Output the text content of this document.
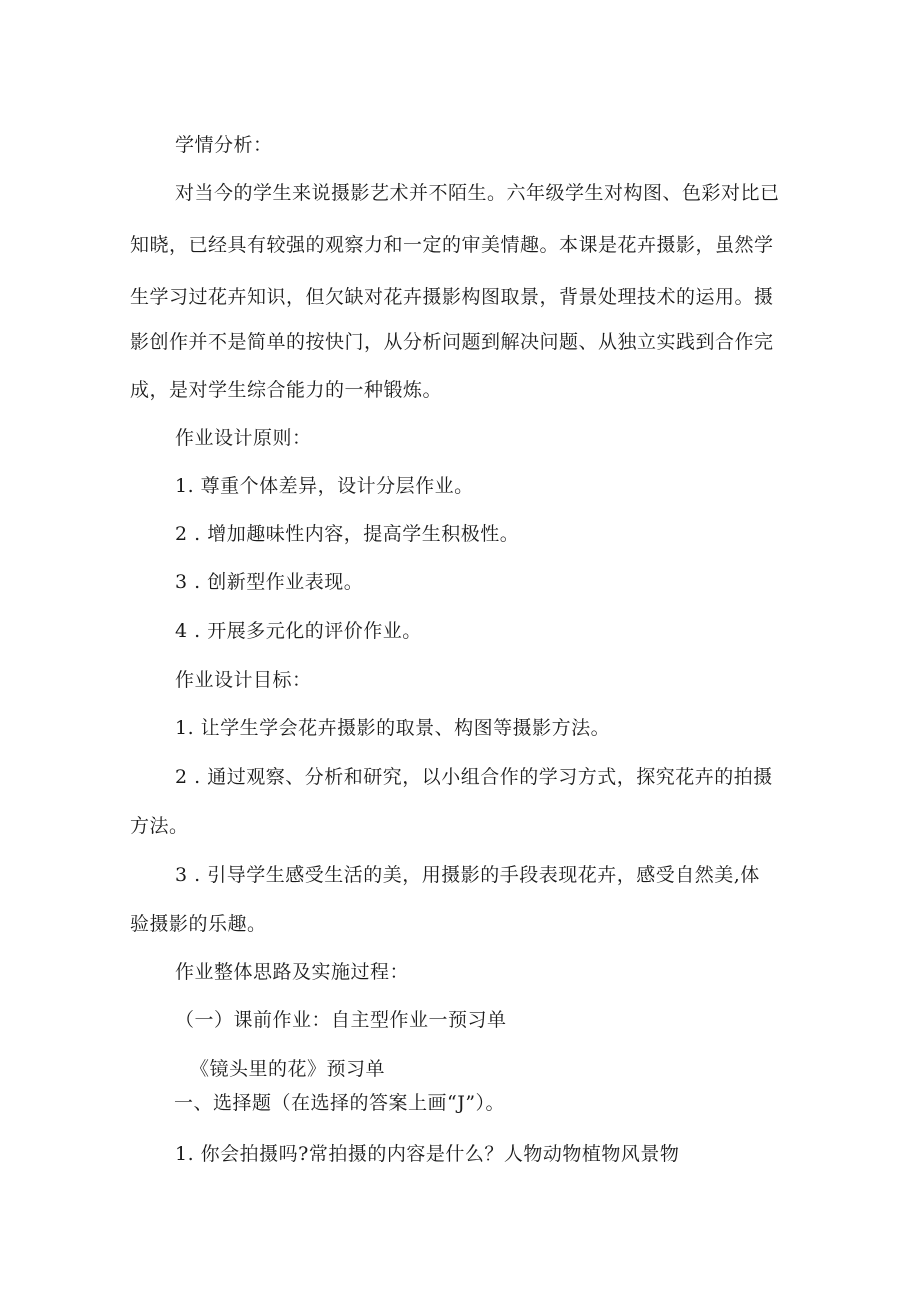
学情分析：
对当今的学生来说摄影艺术并不陌生。六年级学生对构图、色彩对比已
知晓，已经具有较强的观察力和一定的审美情趣。本课是花卉摄影，虽然学
生学习过花卉知识，但欠缺对花卉摄影构图取景，背景处理技术的运用。摄
影创作并不是简单的按快门，从分析问题到解决问题、从独立实践到合作完
成，是对学生综合能力的一种锻炼。
作业设计原则：
1. 尊重个体差异，设计分层作业。
2 . 增加趣味性内容，提高学生积极性。
3 . 创新型作业表现。
4 . 开展多元化的评价作业。
作业设计目标：
1. 让学生学会花卉摄影的取景、构图等摄影方法。
2 . 通过观察、分析和研究，以小组合作的学习方式，探究花卉的拍摄
方法。
3 . 引导学生感受生活的美，用摄影的手段表现花卉，感受自然美,体
验摄影的乐趣。
作业整体思路及实施过程：
（一）课前作业：自主型作业一预习单
《镜头里的花》预习单
一、选择题（在选择的答案上画“J”）。
1. 你会拍摄吗?常拍摄的内容是什么？人物动物植物风景物
